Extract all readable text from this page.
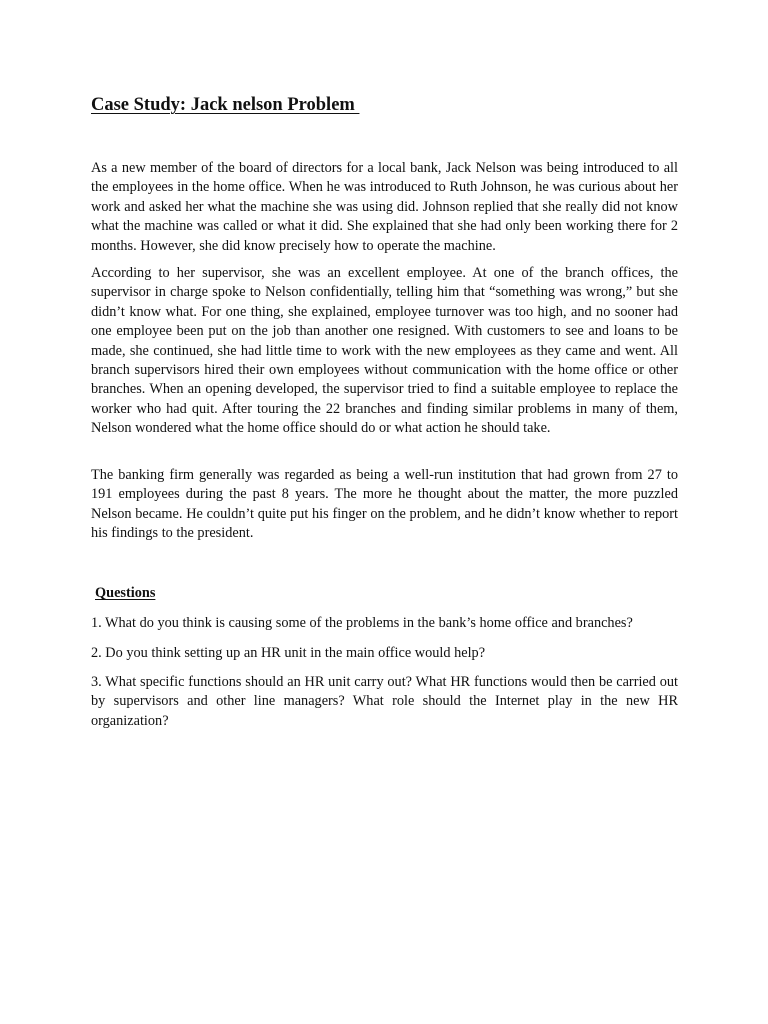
Case Study: Jack nelson Problem

As a new member of the board of directors for a local bank, Jack Nelson was being introduced to all the employees in the home office. When he was introduced to Ruth Johnson, he was curious about her work and asked her what the machine she was using did. Johnson replied that she really did not know what the machine was called or what it did. She explained that she had only been working there for 2 months. However, she did know precisely how to operate the machine.

According to her supervisor, she was an excellent employee. At one of the branch offices, the supervisor in charge spoke to Nelson confidentially, telling him that “something was wrong,” but she didn’t know what. For one thing, she explained, employee turnover was too high, and no sooner had one employee been put on the job than another one resigned. With customers to see and loans to be made, she continued, she had little time to work with the new employees as they came and went. All branch supervisors hired their own employees without communication with the home office or other branches. When an opening developed, the supervisor tried to find a suitable employee to replace the worker who had quit. After touring the 22 branches and finding similar problems in many of them, Nelson wondered what the home office should do or what action he should take.

The banking firm generally was regarded as being a well-run institution that had grown from 27 to 191 employees during the past 8 years. The more he thought about the matter, the more puzzled Nelson became. He couldn’t quite put his finger on the problem, and he didn’t know whether to report his findings to the president.

Questions

1. What do you think is causing some of the problems in the bank’s home office and branches?

2. Do you think setting up an HR unit in the main office would help?

3. What specific functions should an HR unit carry out? What HR functions would then be carried out by supervisors and other line managers? What role should the Internet play in the new HR organization?
